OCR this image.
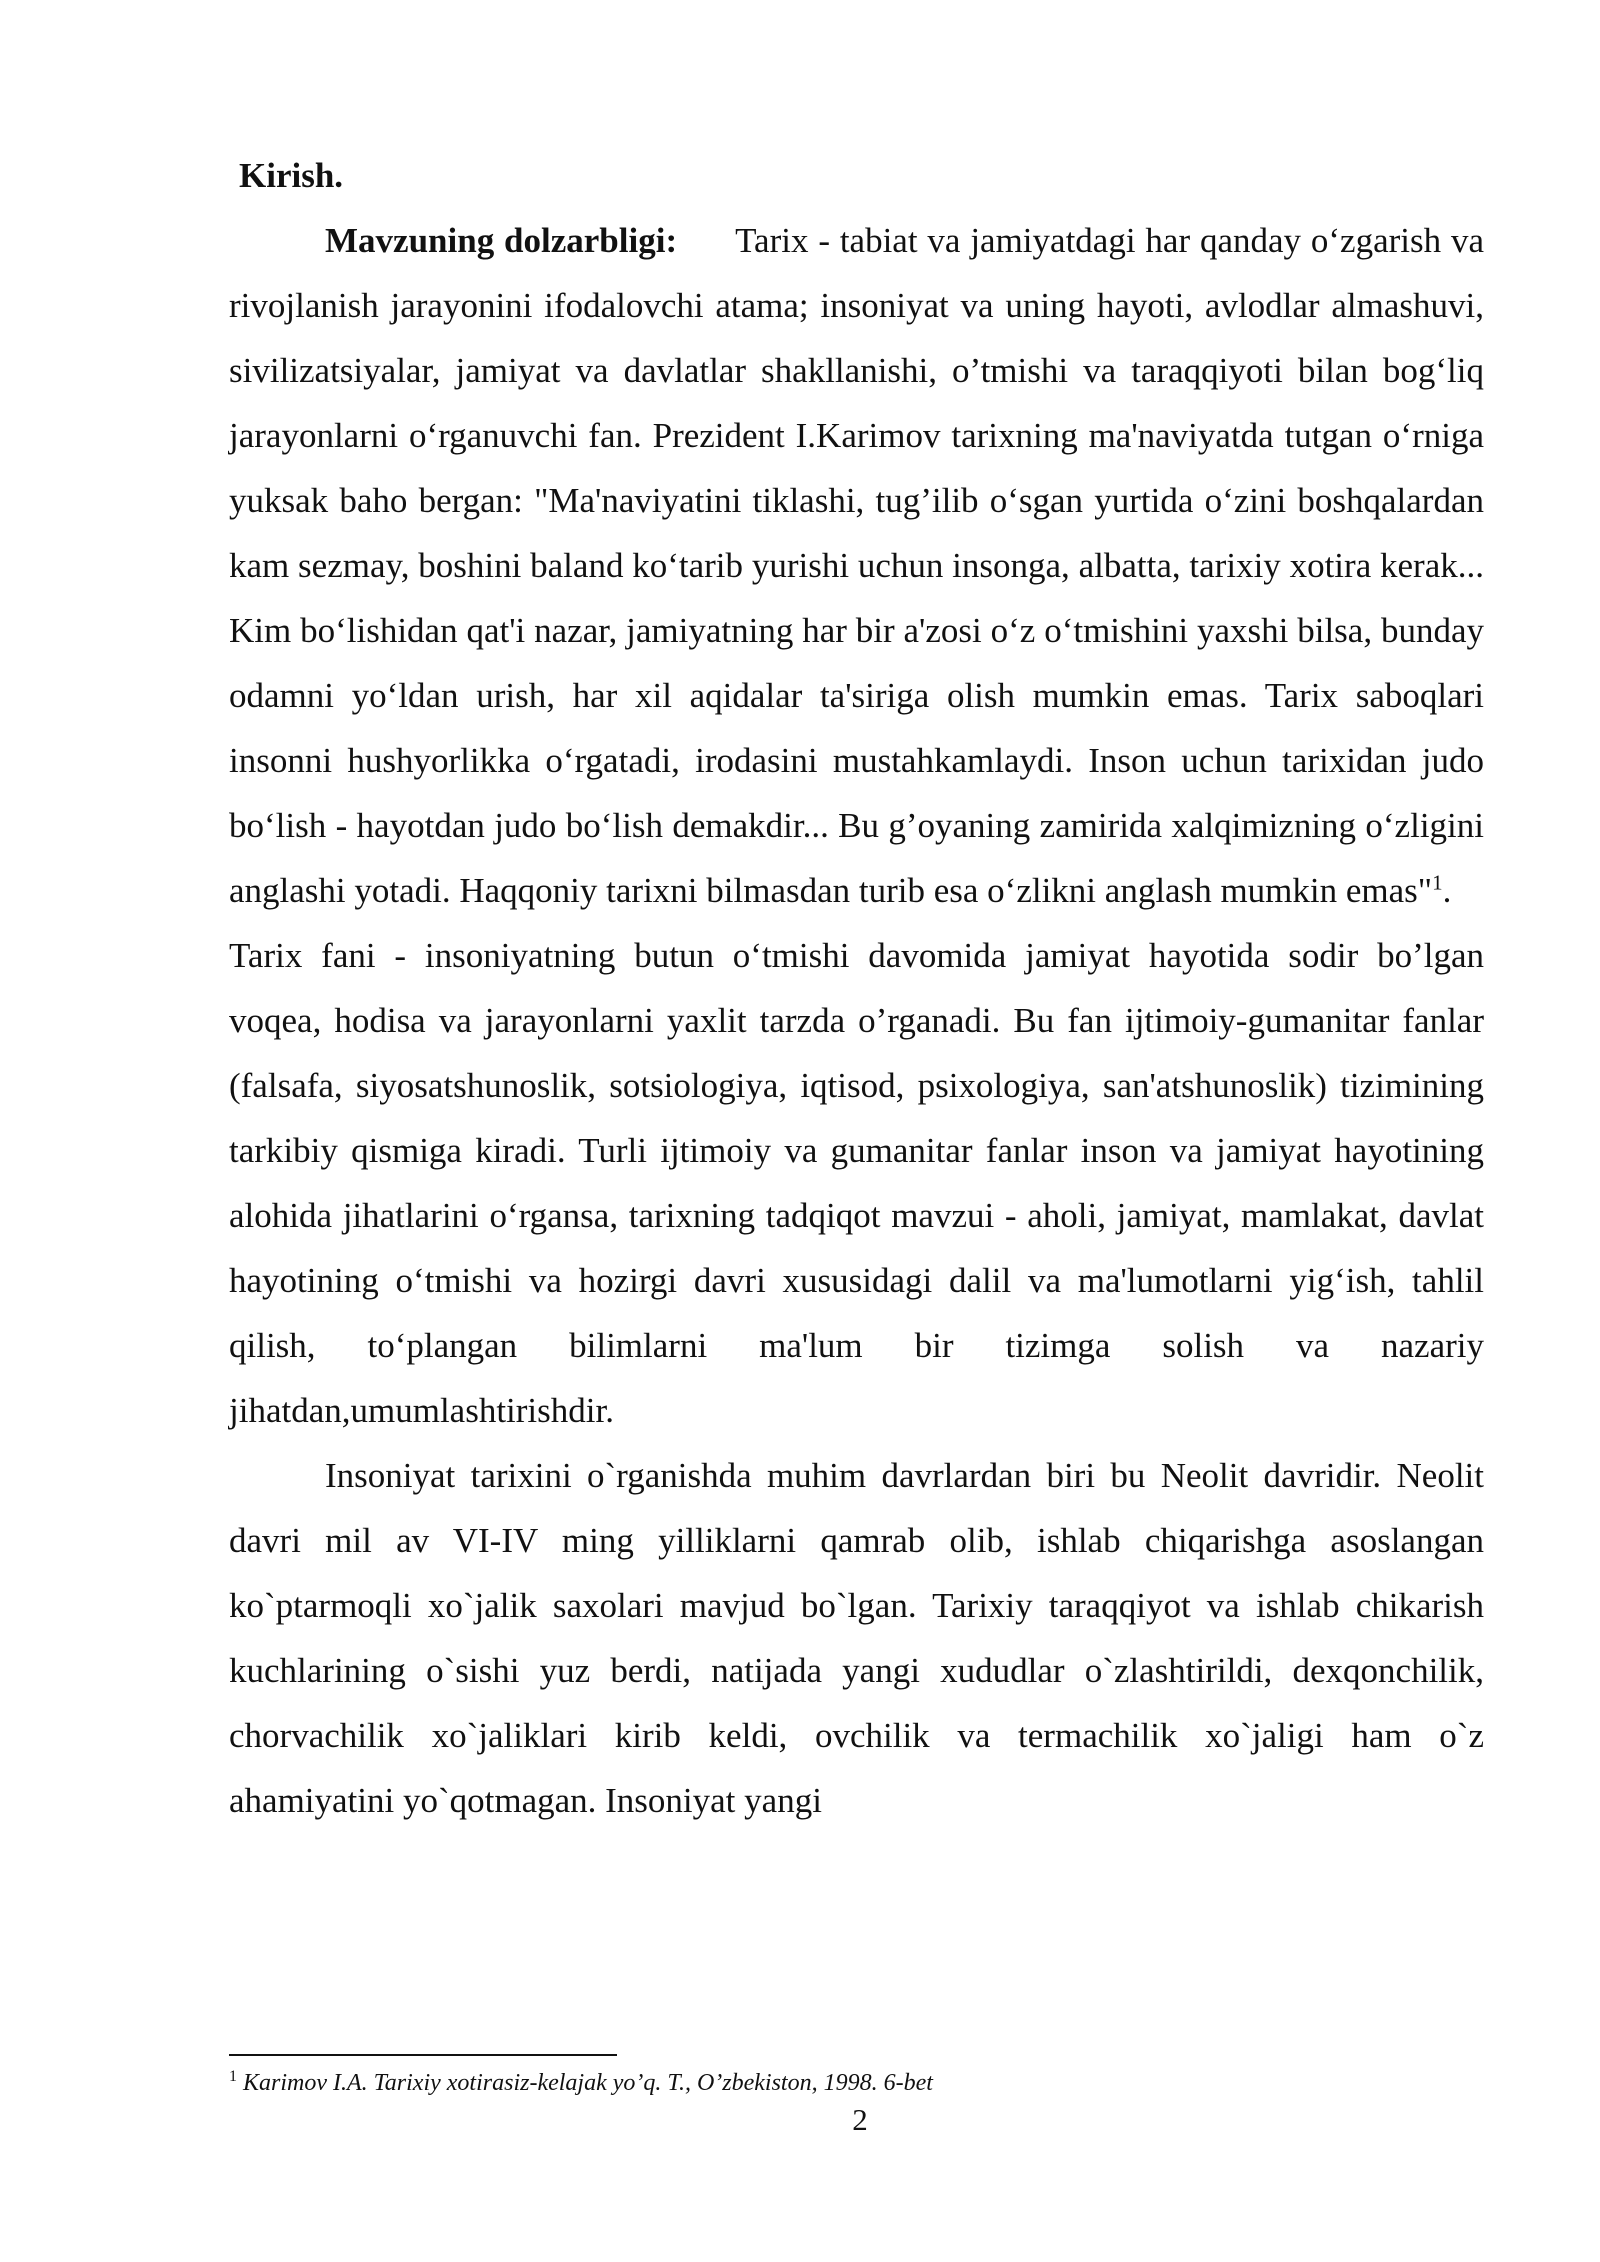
Kirish.

Mavzuning dolzarbligi: Tarix - tabiat va jamiyatdagi har qanday o‘zgarish va rivojlanish jarayonini ifodalovchi atama; insoniyat va uning hayoti, avlodlar almashuvi, sivilizatsiyalar, jamiyat va davlatlar shakllanishi, o’tmishi va taraqqiyoti bilan bog‘liq jarayonlarni o‘rganuvchi fan. Prezident I.Karimov tarixning ma'naviyatda tutgan o‘rniga yuksak baho bergan: "Ma'naviyatini tiklashi, tug’ilib o‘sgan yurtida o‘zini boshqalardan kam sezmay, boshini baland ko‘tarib yurishi uchun insonga, albatta, tarixiy xotira kerak... Kim bo‘lishidan qat'i nazar, jamiyatning har bir a'zosi o‘z o‘tmishini yaxshi bilsa, bunday odamni yo‘ldan urish, har xil aqidalar ta'siriga olish mumkin emas. Tarix saboqlari insonni hushyorlikka o‘rgatadi, irodasini mustahkamlaydi. Inson uchun tarixidan judo bo‘lish - hayotdan judo bo‘lish demakdir... Bu g’oyaning zamirida xalqimizning o‘zligini anglashi yotadi. Haqqoniy tarixni bilmasdan turib esa o‘zlikni anglash mumkin emas"$^1$.

Tarix fani - insoniyatning butun o‘tmishi davomida jamiyat hayotida sodir bo’lgan voqea, hodisa va jarayonlarni yaxlit tarzda o’rganadi. Bu fan ijtimoiy-gumanitar fanlar (falsafa, siyosatshunoslik, sotsiologiya, iqtisod, psixologiya, san'atshunoslik) tizimining tarkibiy qismiga kiradi. Turli ijtimoiy va gumanitar fanlar inson va jamiyat hayotining alohida jihatlarini o‘rgansa, tarixning tadqiqot mavzui - aholi, jamiyat, mamlakat, davlat hayotining o‘tmishi va hozirgi davri xususidagi dalil va ma'lumotlarni yig‘ish, tahlil qilish, to‘plangan bilimlarni ma'lum bir tizimga solish va nazariy jihatdan,umumlashtirishdir.

Insoniyat tarixini o`rganishda muhim davrlardan biri bu Neolit davridir. Neolit davri mil av VI-IV ming yilliklarni qamrab olib, ishlab chiqarishga asoslangan ko`ptarmoqli xo`jalik saxolari mavjud bo`lgan. Tarixiy taraqqiyot va ishlab chikarish kuchlarining o`sishi yuz berdi, natijada yangi xududlar o`zlashtirildi, dexqonchilik, chorvachilik xo`jaliklari kirib keldi, ovchilik va termachilik xo`jaligi ham o`z ahamiyatini yo`qotmagan. Insoniyat yangi

$^1$ Karimov I.A. Tarixiy xotirasiz-kelajak yo’q. T., O’zbekiston, 1998. 6-bet

2
